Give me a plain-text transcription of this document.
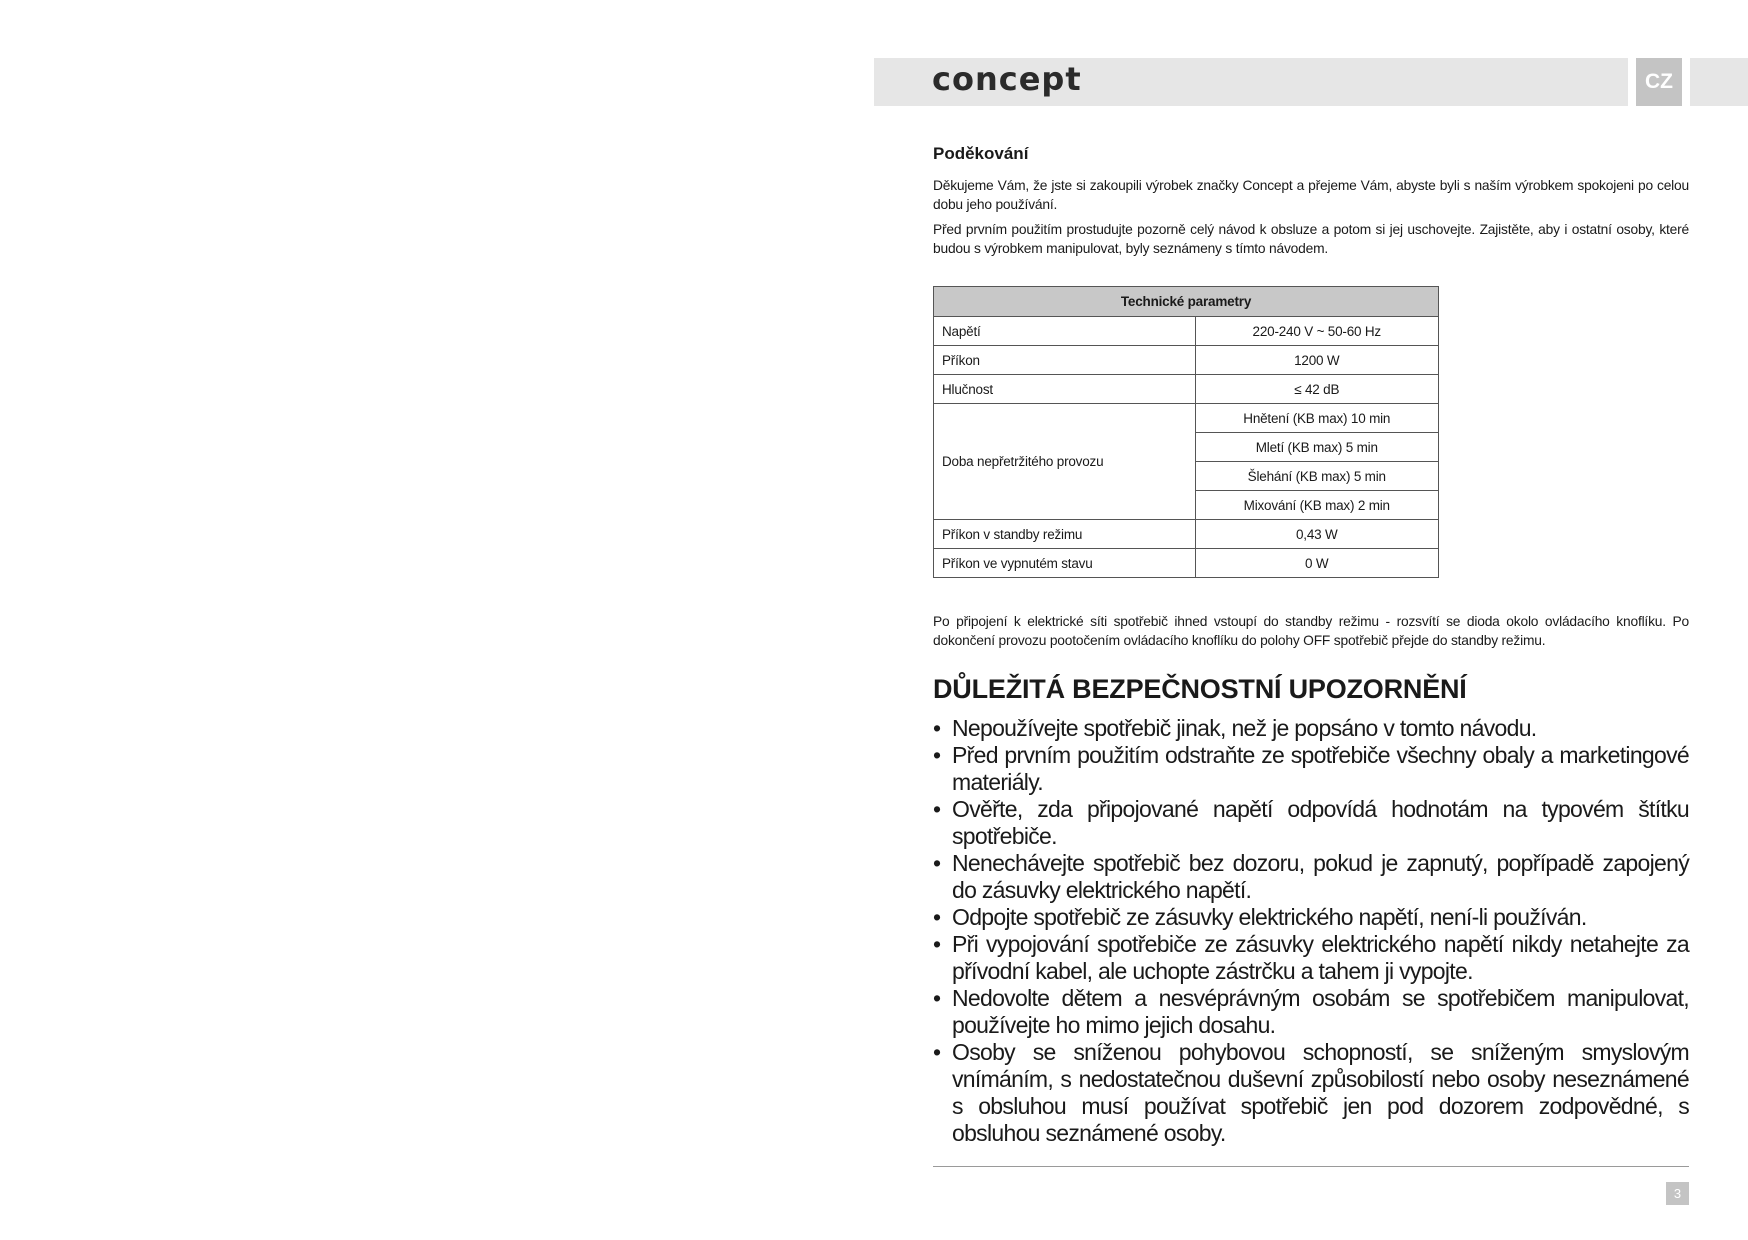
concept	CZ
Poděkování

Děkujeme Vám, že jste si zakoupili výrobek značky Concept a přejeme Vám, abyste byli s naším výrobkem spokojeni po celou dobu jeho používání.

Před prvním použitím prostudujte pozorně celý návod k obsluze a potom si jej uschovejte. Zajistěte, aby i ostatní osoby, které budou s výrobkem manipulovat, byly seznámeny s tímto návodem.

Technické parametry	
Napětí	220-240 V ~ 50-60 Hz
Příkon	1200 W
Hlučnost	≤ 42 dB
Doba nepřetržitého provozu	Hnětení (KB max) 10 min
	Mletí (KB max) 5 min
	Šlehání (KB max) 5 min
	Mixování (KB max) 2 min
Příkon v standby režimu	0,43 W
Příkon ve vypnutém stavu	0 W

Po připojení k elektrické síti spotřebič ihned vstoupí do standby režimu - rozsvítí se dioda okolo ovládacího knoflíku. Po dokončení provozu pootočením ovládacího knoflíku do polohy OFF spotřebič přejde do standby režimu.

DŮLEŽITÁ BEZPEČNOSTNÍ UPOZORNĚNÍ
• Nepoužívejte spotřebič jinak, než je popsáno v tomto návodu.
• Před prvním použitím odstraňte ze spotřebiče všechny obaly a marketingové materiály.
• Ověřte, zda připojované napětí odpovídá hodnotám na typovém štítku spotřebiče.
• Nenechávejte spotřebič bez dozoru, pokud je zapnutý, popřípadě zapojený do zásuvky elektrického napětí.
• Odpojte spotřebič ze zásuvky elektrického napětí, není-li používán.
• Při vypojování spotřebiče ze zásuvky elektrického napětí nikdy netahejte za přívodní kabel, ale uchopte zástrčku a tahem ji vypojte.
• Nedovolte dětem a nesvéprávným osobám se spotřebičem manipulovat, používejte ho mimo jejich dosahu.
• Osoby se sníženou pohybovou schopností, se sníženým smyslovým vnímáním, s nedostatečnou duševní způsobilostí nebo osoby neseznámené s obsluhou musí používat spotřebič jen pod dozorem zodpovědné, s obsluhou seznámené osoby.
3
